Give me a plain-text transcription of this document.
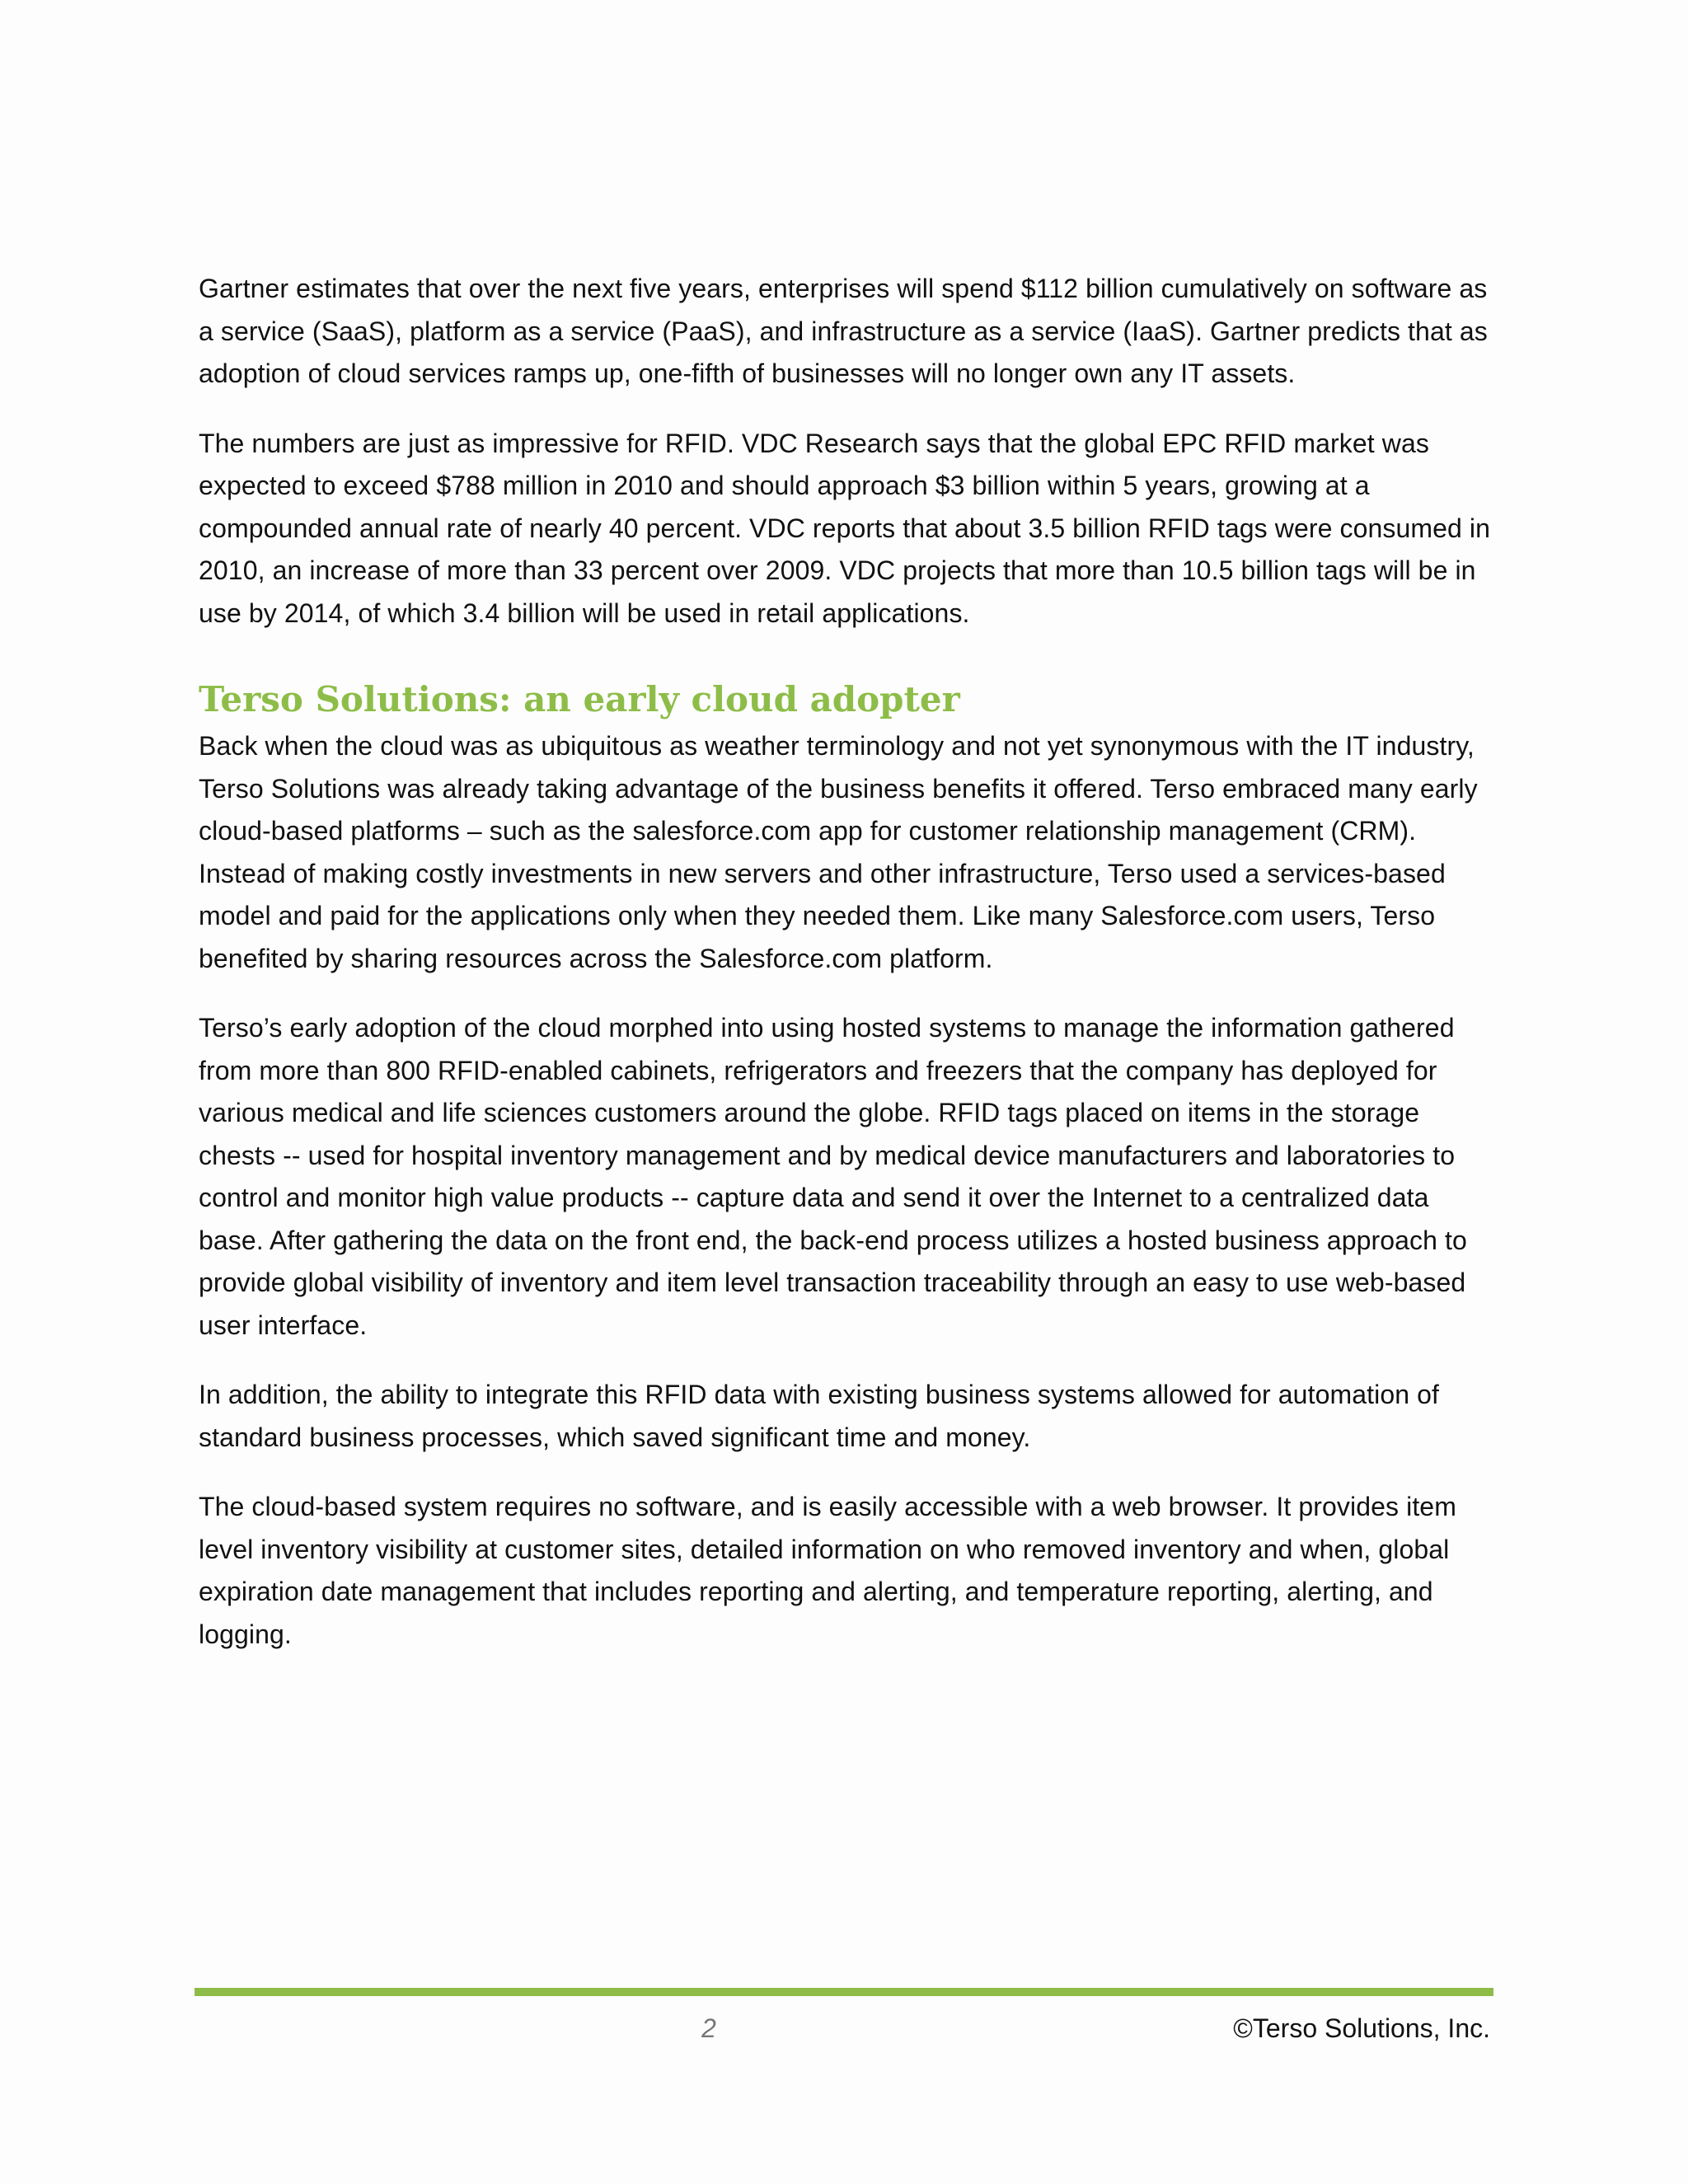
Gartner estimates that over the next five years, enterprises will spend $112 billion cumulatively on software as a service (SaaS), platform as a service (PaaS), and infrastructure as a service (IaaS). Gartner predicts that as adoption of cloud services ramps up, one-fifth of businesses will no longer own any IT assets.

The numbers are just as impressive for RFID. VDC Research says that the global EPC RFID market was expected to exceed $788 million in 2010 and should approach $3 billion within 5 years, growing at a compounded annual rate of nearly 40 percent. VDC reports that about 3.5 billion RFID tags were consumed in 2010, an increase of more than 33 percent over 2009. VDC projects that more than 10.5 billion tags will be in use by 2014, of which 3.4 billion will be used in retail applications.

Terso Solutions: an early cloud adopter

Back when the cloud was as ubiquitous as weather terminology and not yet synonymous with the IT industry, Terso Solutions was already taking advantage of the business benefits it offered. Terso embraced many early cloud-based platforms – such as the salesforce.com app for customer relationship management (CRM). Instead of making costly investments in new servers and other infrastructure, Terso used a services-based model and paid for the applications only when they needed them. Like many Salesforce.com users, Terso benefited by sharing resources across the Salesforce.com platform.

Terso’s early adoption of the cloud morphed into using hosted systems to manage the information gathered from more than 800 RFID-enabled cabinets, refrigerators and freezers that the company has deployed for various medical and life sciences customers around the globe. RFID tags placed on items in the storage chests -- used for hospital inventory management and by medical device manufacturers and laboratories to control and monitor high value products -- capture data and send it over the Internet to a centralized data base. After gathering the data on the front end, the back-end process utilizes a hosted business approach to provide global visibility of inventory and item level transaction traceability through an easy to use web-based user interface.

In addition, the ability to integrate this RFID data with existing business systems allowed for automation of standard business processes, which saved significant time and money.

The cloud-based system requires no software, and is easily accessible with a web browser. It provides item level inventory visibility at customer sites, detailed information on who removed inventory and when, global expiration date management that includes reporting and alerting, and temperature reporting, alerting, and logging.

2	©Terso Solutions, Inc.
